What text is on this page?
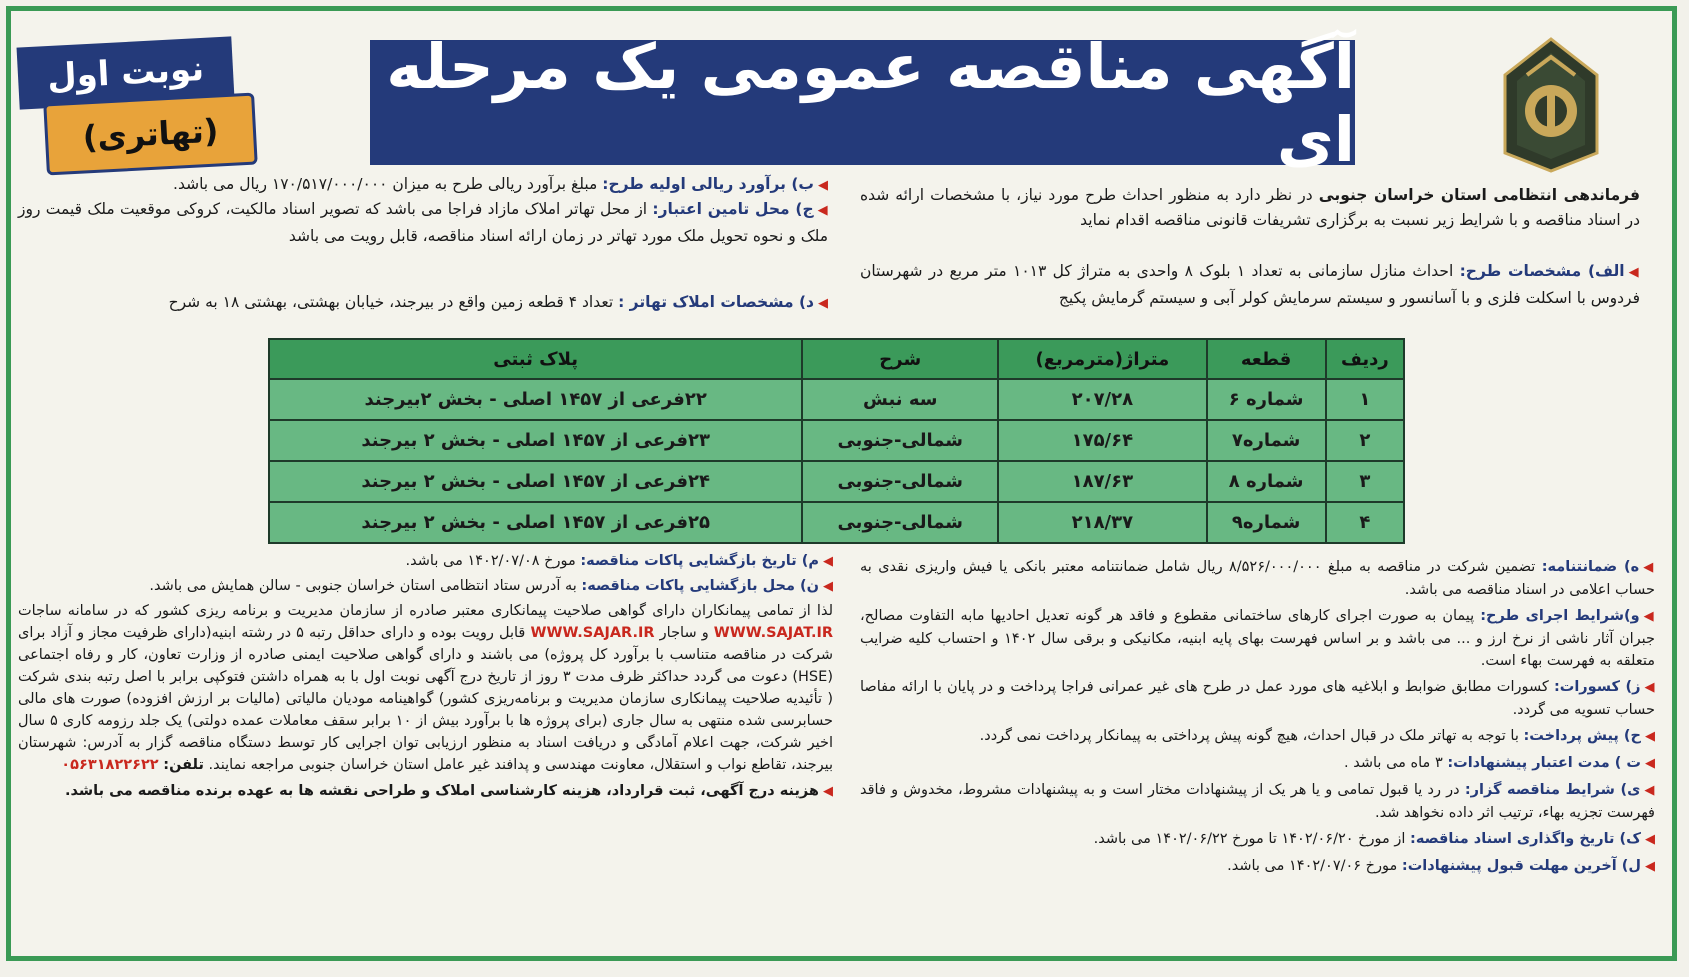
نوبت اول
(تهاتری)
آگهی مناقصه عمومی یک مرحله ای
فرماندهی انتظامی استان خراسان جنوبی در نظر دارد به منظور احداث طرح مورد نیاز، با مشخصات ارائه شده در اسناد مناقصه و با شرایط زیر نسبت به برگزاری تشریفات قانونی مناقصه اقدام نماید
◀الف) مشخصات طرح: احداث منازل سازمانی به تعداد ۱ بلوک ۸ واحدی به متراژ کل ۱۰۱۳ متر مربع در شهرستان فردوس با اسکلت فلزی و با آسانسور و سیستم سرمایش کولر آبی و سیستم گرمایش پکیج
◀ب) برآورد ریالی اولیه طرح: مبلغ برآورد ریالی طرح به میزان ۱۷۰/۵۱۷/۰۰۰/۰۰۰ ریال می باشد.
◀ج) محل تامین اعتبار: از محل تهاتر املاک مازاد فراجا می باشد که تصویر اسناد مالکیت، کروکی موقعیت ملک قیمت روز ملک و نحوه تحویل ملک مورد تهاتر در زمان ارائه اسناد مناقصه، قابل رویت می باشد
◀د) مشخصات املاک تهاتر : تعداد ۴ قطعه زمین واقع در بیرجند، خیابان بهشتی، بهشتی ۱۸ به شرح
ردیف	قطعه	متراژ(مترمربع)	شرح	پلاک ثبتی
۱	شماره ۶	۲۰۷/۲۸	سه نبش	۲۲فرعی از ۱۴۵۷ اصلی - بخش ۲بیرجند
۲	شماره۷	۱۷۵/۶۴	شمالی-جنوبی	۲۳فرعی از ۱۴۵۷ اصلی - بخش ۲ بیرجند
۳	شماره ۸	۱۸۷/۶۳	شمالی-جنوبی	۲۴فرعی از ۱۴۵۷ اصلی - بخش ۲ بیرجند
۴	شماره۹	۲۱۸/۳۷	شمالی-جنوبی	۲۵فرعی از ۱۴۵۷ اصلی - بخش ۲ بیرجند
◀ه) ضمانتنامه: تضمین شرکت در مناقصه به مبلغ ۸/۵۲۶/۰۰۰/۰۰۰ ریال شامل ضمانتنامه معتبر بانکی یا فیش واریزی نقدی به حساب اعلامی در اسناد مناقصه می باشد.
◀و)شرایط اجرای طرح: پیمان به صورت اجرای کارهای ساختمانی مقطوع و فاقد هر گونه تعدیل احادیها مابه التفاوت مصالح، جبران آثار ناشی از نرخ ارز و ... می باشد و بر اساس فهرست بهای پایه ابنیه، مکانیکی و برقی سال ۱۴۰۲ و احتساب کلیه ضرایب متعلقه به فهرست بهاء است.
◀ز) کسورات: کسورات مطابق ضوابط و ابلاغیه های مورد عمل در طرح های غیر عمرانی فراجا پرداخت و در پایان با ارائه مفاصا حساب تسویه می گردد.
◀ح) پیش پرداخت: با توجه به تهاتر ملک در قبال احداث، هیچ گونه پیش پرداختی به پیمانکار پرداخت نمی گردد.
◀ت ) مدت اعتبار پیشنهادات: ۳ ماه می باشد .
◀ی) شرایط مناقصه گزار: در رد یا قبول تمامی و یا هر یک از پیشنهادات مختار است و به پیشنهادات مشروط، مخدوش و فاقد فهرست تجزیه بهاء، ترتیب اثر داده نخواهد شد.
◀ک) تاریخ واگذاری اسناد مناقصه: از مورخ ۱۴۰۲/۰۶/۲۰ تا مورخ ۱۴۰۲/۰۶/۲۲ می باشد.
◀ل) آخرین مهلت قبول پیشنهادات: مورخ ۱۴۰۲/۰۷/۰۶ می باشد.
◀م) تاریخ بازگشایی پاکات مناقصه: مورخ ۱۴۰۲/۰۷/۰۸ می باشد.
◀ن) محل بازگشایی پاکات مناقصه: به آدرس ستاد انتظامی استان خراسان جنوبی - سالن همایش می باشد.
لذا از تمامی پیمانکاران دارای گواهی صلاحیت پیمانکاری معتبر صادره از سازمان مدیریت و برنامه ریزی کشور که در سامانه ساجات WWW.SAJAT.IR و ساجار WWW.SAJAR.IR قابل رویت بوده و دارای حداقل رتبه ۵ در رشته ابنیه(دارای ظرفیت مجاز و آزاد برای شرکت در مناقصه متناسب با برآورد کل پروژه) می باشند و دارای گواهی صلاحیت ایمنی صادره از وزارت تعاون، کار و رفاه اجتماعی (HSE) دعوت می گردد حداکثر ظرف مدت ۳ روز از تاریخ درج آگهی نوبت اول با به همراه داشتن فتوکپی برابر با اصل رتبه بندی شرکت ( تأئیدیه صلاحیت پیمانکاری سازمان مدیریت و برنامه‌ریزی کشور) گواهینامه مودیان مالیاتی (مالیات بر ارزش افزوده) صورت های مالی حسابرسی شده منتهی به سال جاری (برای پروژه ها با برآورد بیش از ۱۰ برابر سقف معاملات عمده دولتی) یک جلد رزومه کاری ۵ سال اخیر شرکت، جهت اعلام آمادگی و دریافت اسناد به منظور ارزیابی توان اجرایی کار توسط دستگاه مناقصه گزار به آدرس: شهرستان بیرجند، تقاطع نواب و استقلال، معاونت مهندسی و پدافند غیر عامل استان خراسان جنوبی مراجعه نمایند. تلفن: ۰۵۶۳۱۸۲۲۶۲۲
◀هزینه درج آگهی، ثبت قرارداد، هزینه کارشناسی املاک و طراحی نقشه ها به عهده برنده مناقصه می باشد.
